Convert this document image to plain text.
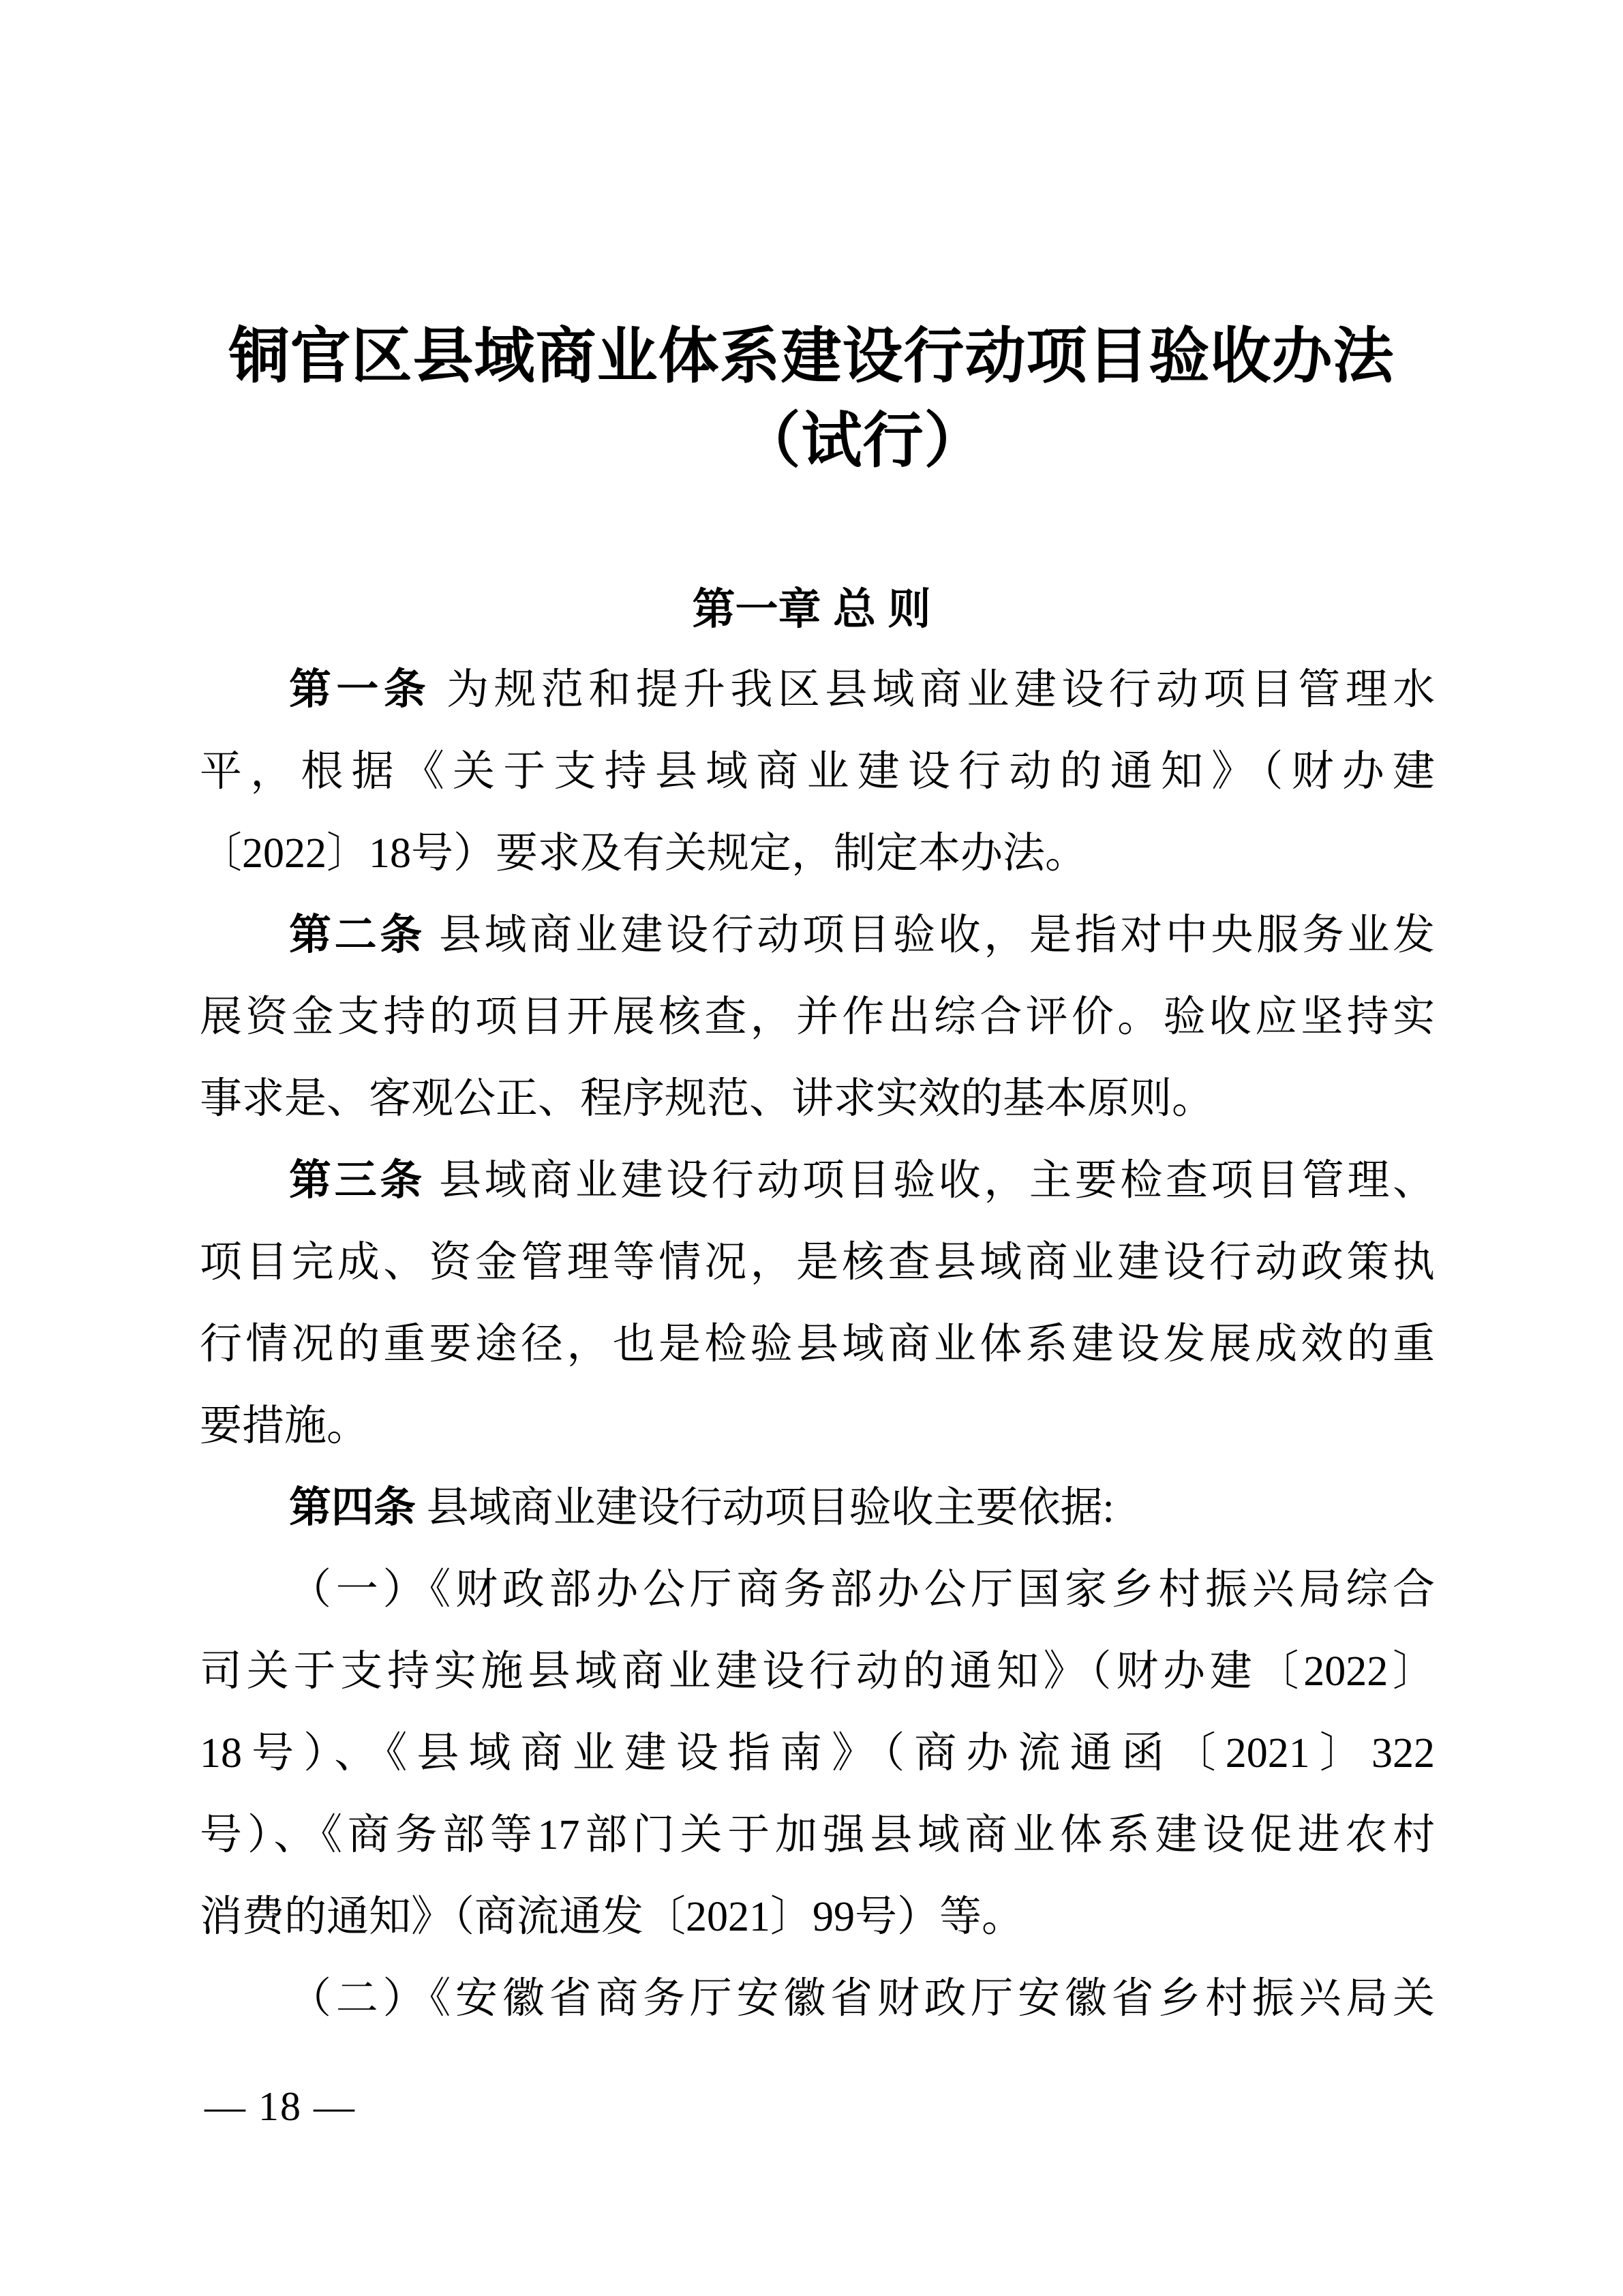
铜官区县域商业体系建设行动项目验收办法
（试行）
第一章 总 则
第一条 为规范和提升我区县域商业建设行动项目管理水
平，根据《关于支持县域商业建设行动的通知》（财办建
〔2022〕18号）要求及有关规定，制定本办法。
第二条 县域商业建设行动项目验收，是指对中央服务业发
展资金支持的项目开展核查，并作出综合评价。验收应坚持实
事求是、客观公正、程序规范、讲求实效的基本原则。
第三条 县域商业建设行动项目验收，主要检查项目管理、
项目完成、资金管理等情况，是核查县域商业建设行动政策执
行情况的重要途径，也是检验县域商业体系建设发展成效的重
要措施。
第四条 县域商业建设行动项目验收主要依据:
（一）《财政部办公厅商务部办公厅国家乡村振兴局综合
司关于支持实施县域商业建设行动的通知》（财办建〔2022〕
18号）、《县域商业建设指南》（商办流通函〔2021〕322
号）、《商务部等17部门关于加强县域商业体系建设促进农村
消费的通知》（商流通发〔2021〕99号）等。
（二）《安徽省商务厅安徽省财政厅安徽省乡村振兴局关
— 18 —
